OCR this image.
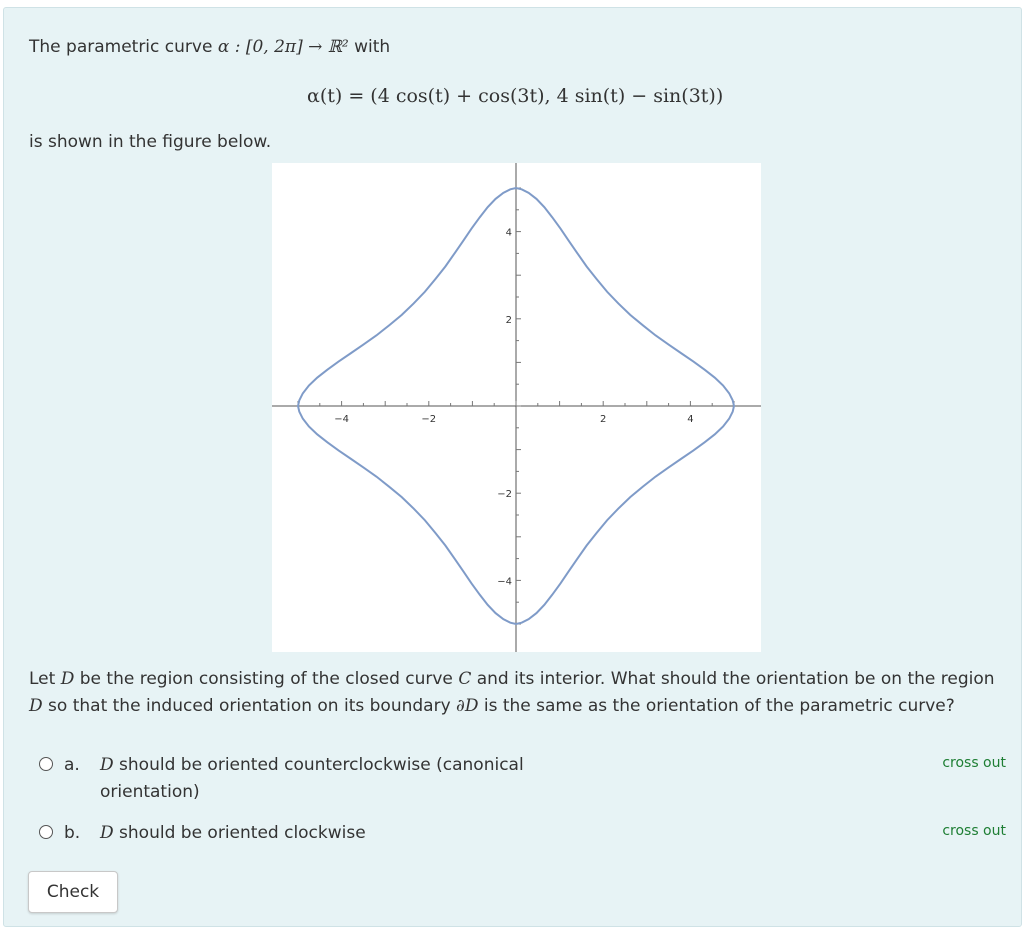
The parametric curve α : [0, 2π] → ℝ² with
α(t) = (4 cos(t) + cos(3t), 4 sin(t) − sin(3t))
is shown in the figure below.
−4	−2	2	4
4
2
−2
−4
Let D be the region consisting of the closed curve C and its interior. What should the orientation be on the region D so that the induced orientation on its boundary ∂D is the same as the orientation of the parametric curve?
a. D should be oriented counterclockwise (canonical
orientation)
cross out
b. D should be oriented clockwise	cross out
Check
